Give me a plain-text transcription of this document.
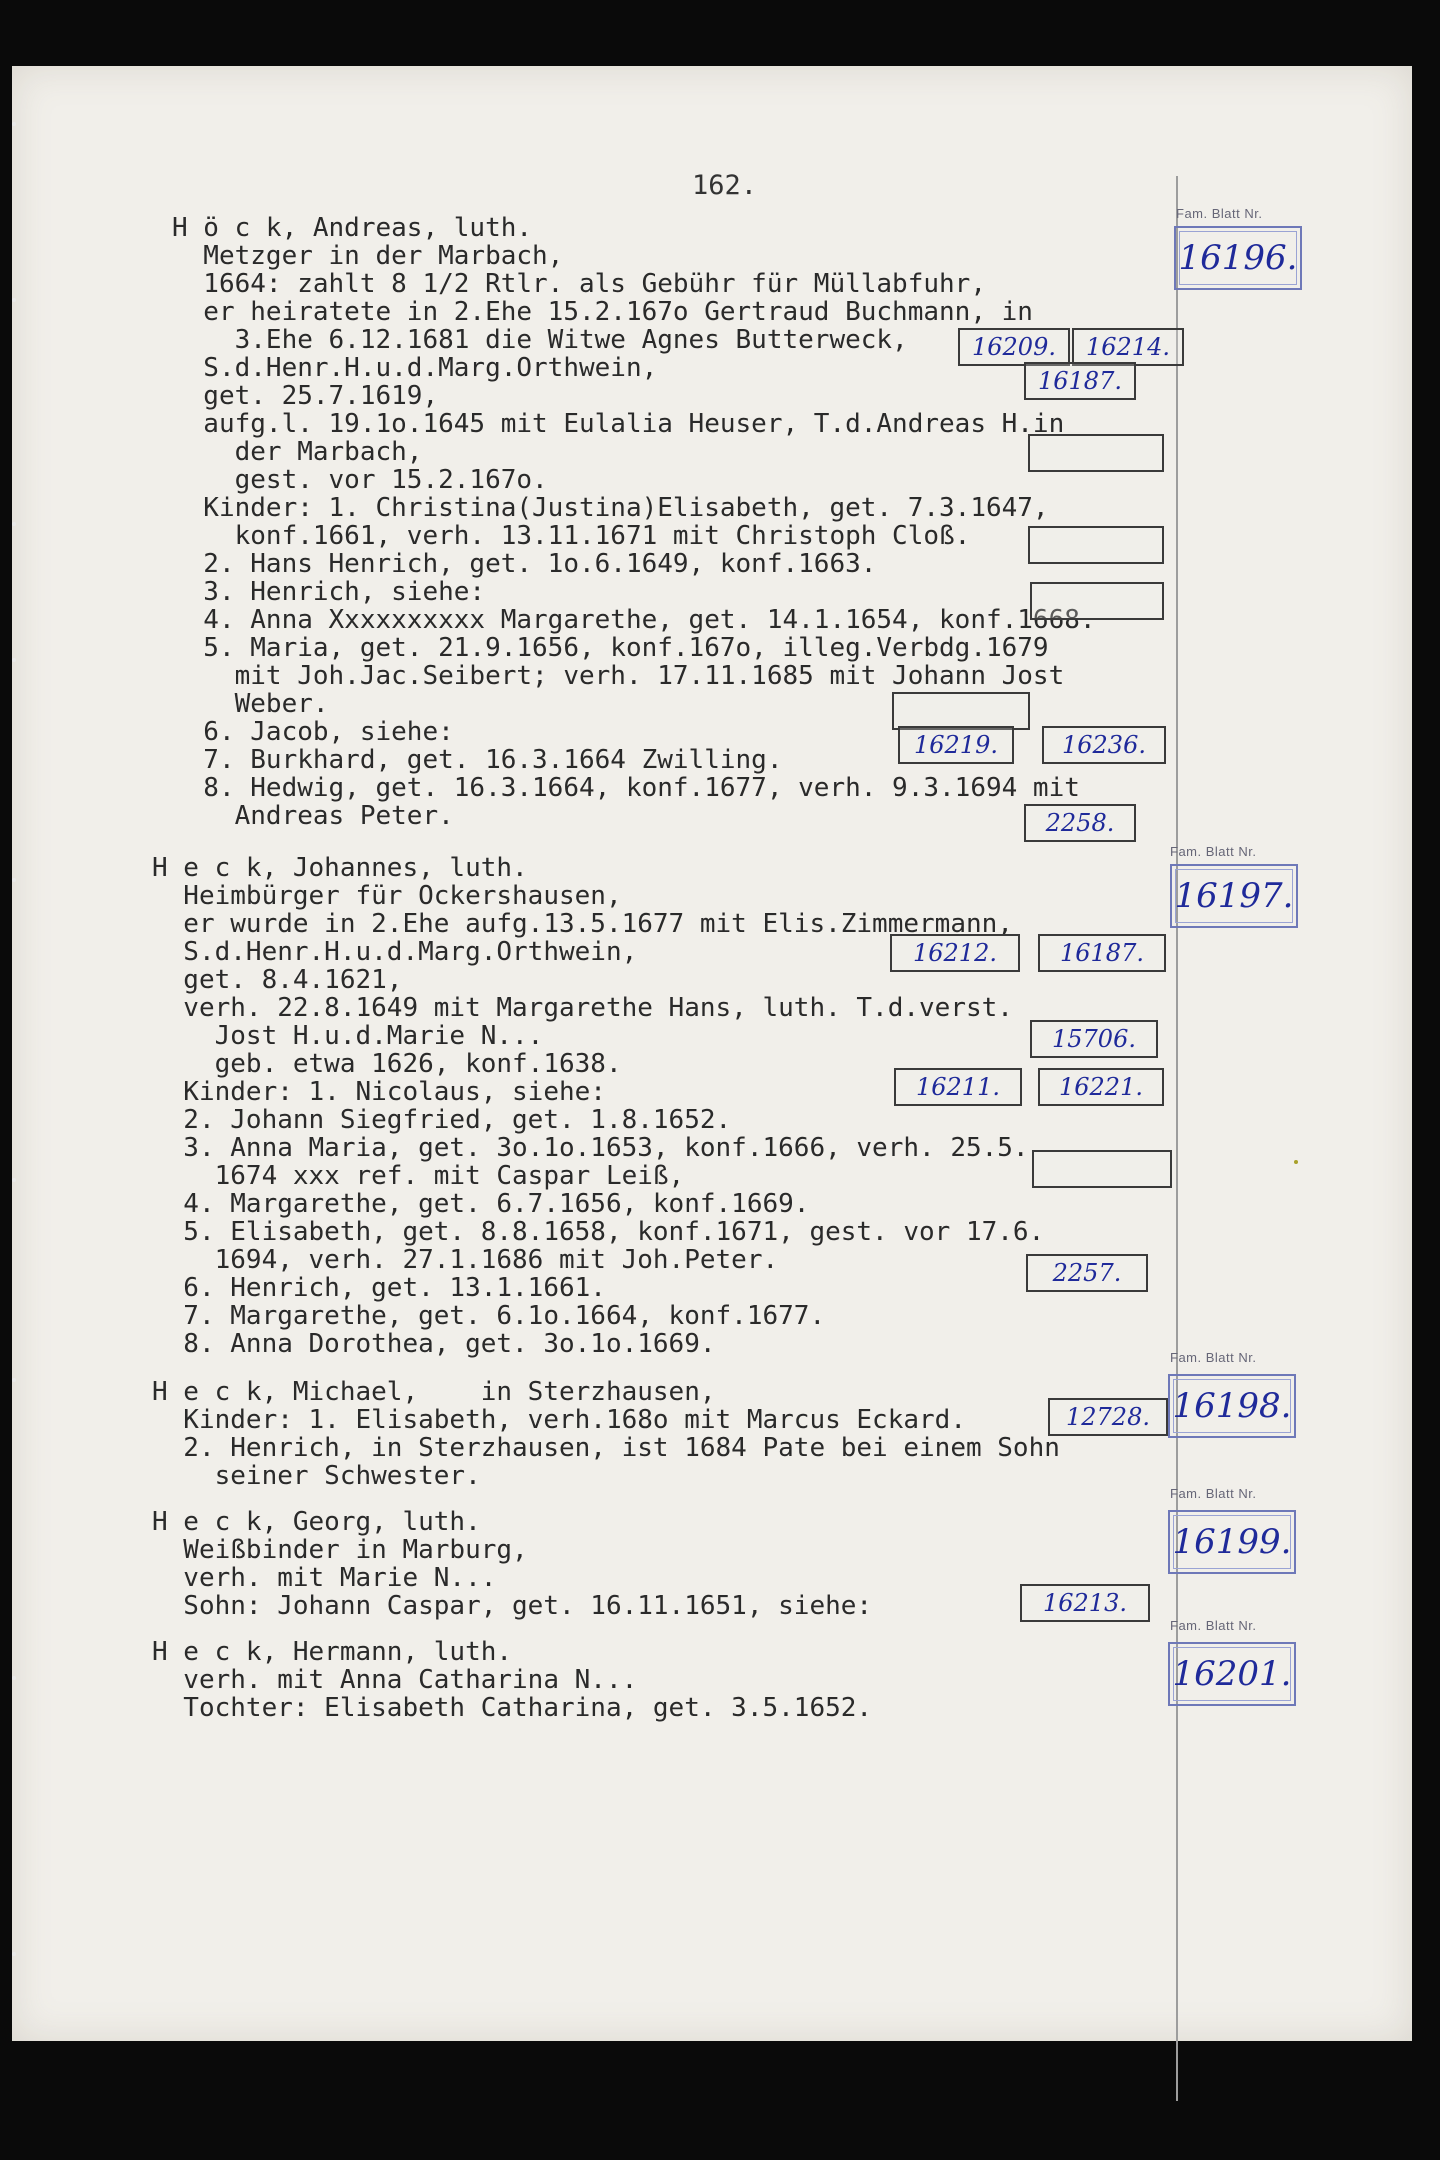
162.
H ö c k, Andreas, luth.
Metzger in der Marbach,
1664: zahlt 8 1/2 Rtlr. als Gebühr für Müllabfuhr,
er heiratete in 2.Ehe 15.2.167o Gertraud Buchmann, in
3.Ehe 6.12.1681 die Witwe Agnes Butterweck,
S.d.Henr.H.u.d.Marg.Orthwein,
get. 25.7.1619,
aufg.l. 19.1o.1645 mit Eulalia Heuser, T.d.Andreas H.in
der Marbach,
gest. vor 15.2.167o.
Kinder: 1. Christina(Justina)Elisabeth, get. 7.3.1647,
konf.1661, verh. 13.11.1671 mit Christoph Cloß.
2. Hans Henrich, get. 1o.6.1649, konf.1663.
3. Henrich, siehe:
4. Anna Xxxxxxxxxx Margarethe, get. 14.1.1654, konf.1668.
5. Maria, get. 21.9.1656, konf.167o, illeg.Verbdg.1679
mit Joh.Jac.Seibert; verh. 17.11.1685 mit Johann Jost
Weber.
6. Jacob, siehe:
7. Burkhard, get. 16.3.1664 Zwilling.
8. Hedwig, get. 16.3.1664, konf.1677, verh. 9.3.1694 mit
Andreas Peter.
H e c k, Johannes, luth.
Heimbürger für Ockershausen,
er wurde in 2.Ehe aufg.13.5.1677 mit Elis.Zimmermann,
S.d.Henr.H.u.d.Marg.Orthwein,
get. 8.4.1621,
verh. 22.8.1649 mit Margarethe Hans, luth. T.d.verst.
Jost H.u.d.Marie N...
geb. etwa 1626, konf.1638.
Kinder: 1. Nicolaus, siehe:
2. Johann Siegfried, get. 1.8.1652.
3. Anna Maria, get. 3o.1o.1653, konf.1666, verh. 25.5.
1674 xxx ref. mit Caspar Leiß,
4. Margarethe, get. 6.7.1656, konf.1669.
5. Elisabeth, get. 8.8.1658, konf.1671, gest. vor 17.6.
1694, verh. 27.1.1686 mit Joh.Peter.
6. Henrich, get. 13.1.1661.
7. Margarethe, get. 6.1o.1664, konf.1677.
8. Anna Dorothea, get. 3o.1o.1669.
H e c k, Michael,    in Sterzhausen,
Kinder: 1. Elisabeth, verh.168o mit Marcus Eckard.
2. Henrich, in Sterzhausen, ist 1684 Pate bei einem Sohn
seiner Schwester.
H e c k, Georg, luth.
Weißbinder in Marburg,
verh. mit Marie N...
Sohn: Johann Caspar, get. 16.11.1651, siehe:
H e c k, Hermann, luth.
verh. mit Anna Catharina N...
Tochter: Elisabeth Catharina, get. 3.5.1652.
Fam. Blatt Nr.
16196.
Fam. Blatt Nr.
16197.
Fam. Blatt Nr.
16198.
Fam. Blatt Nr.
16199.
Fam. Blatt Nr.
16201.
16209.	16214.
16187.
16219.	16236.
2258.
16212.	16187.
15706.
16211.	16221.
2257.
12728.
16213.
